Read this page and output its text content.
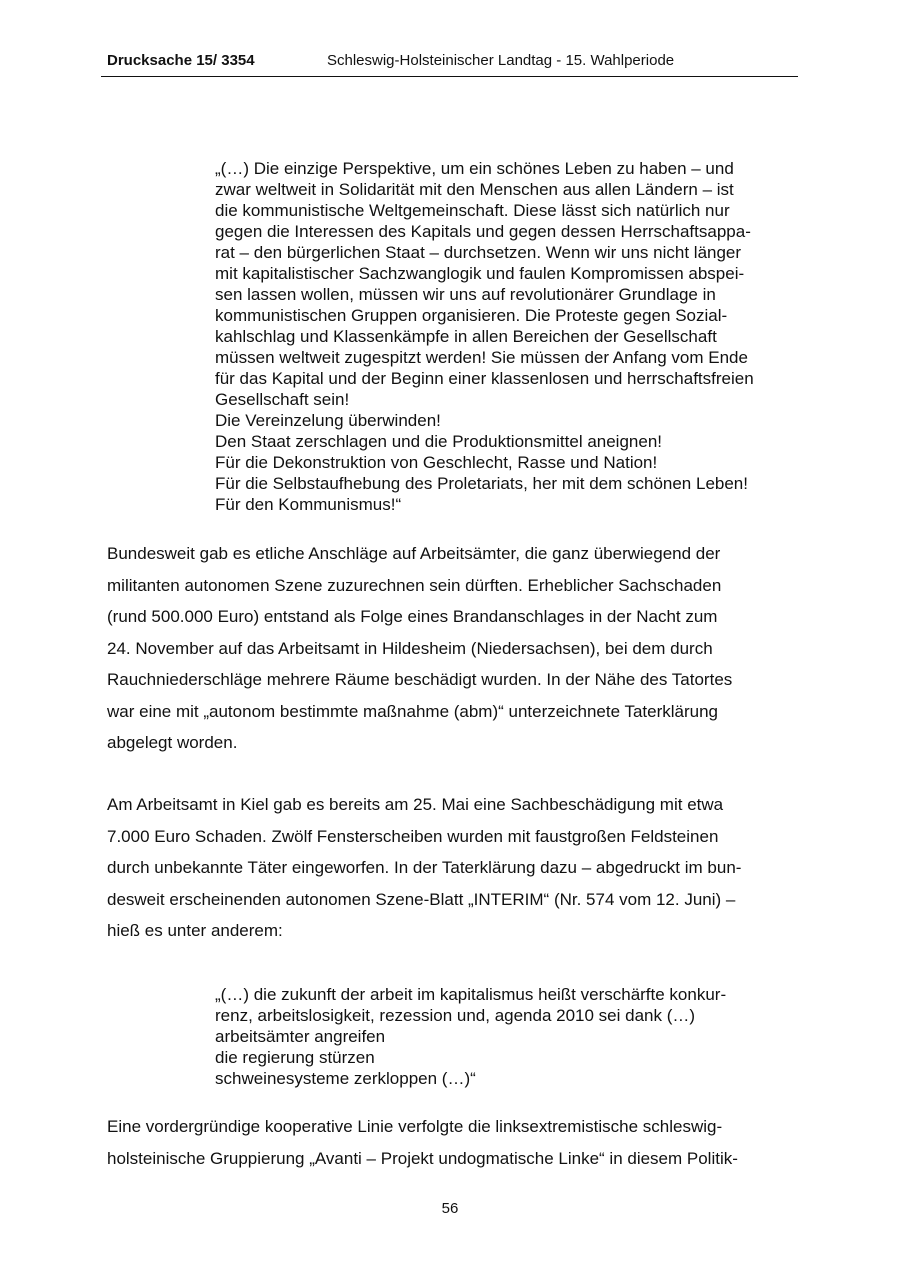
Drucksache 15/ 3354	Schleswig-Holsteinischer Landtag - 15. Wahlperiode
„(…) Die einzige Perspektive, um ein schönes Leben zu haben – und
zwar weltweit in Solidarität mit den Menschen aus allen Ländern – ist
die kommunistische Weltgemeinschaft. Diese lässt sich natürlich nur
gegen die Interessen des Kapitals und gegen dessen Herrschaftsappa-
rat – den bürgerlichen Staat – durchsetzen. Wenn wir uns nicht länger
mit kapitalistischer Sachzwanglogik und faulen Kompromissen abspei-
sen lassen wollen, müssen wir uns auf revolutionärer Grundlage in
kommunistischen Gruppen organisieren. Die Proteste gegen Sozial-
kahlschlag und Klassenkämpfe in allen Bereichen der Gesellschaft
müssen weltweit zugespitzt werden! Sie müssen der Anfang vom Ende
für das Kapital und der Beginn einer klassenlosen und herrschaftsfreien
Gesellschaft sein!
Die Vereinzelung überwinden!
Den Staat zerschlagen und die Produktionsmittel aneignen!
Für die Dekonstruktion von Geschlecht, Rasse und Nation!
Für die Selbstaufhebung des Proletariats, her mit dem schönen Leben!
Für den Kommunismus!“
Bundesweit gab es etliche Anschläge auf Arbeitsämter, die ganz überwiegend der
militanten autonomen Szene zuzurechnen sein dürften. Erheblicher Sachschaden
(rund 500.000 Euro) entstand als Folge eines Brandanschlages in der Nacht zum
24. November auf das Arbeitsamt in Hildesheim (Niedersachsen), bei dem durch
Rauchniederschläge mehrere Räume beschädigt wurden. In der Nähe des Tatortes
war eine mit „autonom bestimmte maßnahme (abm)“ unterzeichnete Taterklärung
abgelegt worden.
Am Arbeitsamt in Kiel gab es bereits am 25. Mai eine Sachbeschädigung mit etwa
7.000 Euro Schaden. Zwölf Fensterscheiben wurden mit faustgroßen Feldsteinen
durch unbekannte Täter eingeworfen. In der Taterklärung dazu – abgedruckt im bun-
desweit erscheinenden autonomen Szene-Blatt „INTERIM“ (Nr. 574 vom 12. Juni) –
hieß es unter anderem:
„(…) die zukunft der arbeit im kapitalismus heißt verschärfte konkur-
renz, arbeitslosigkeit, rezession und, agenda 2010 sei dank (…)
arbeitsämter angreifen
die regierung stürzen
schweinesysteme zerkloppen (…)“
Eine vordergründige kooperative Linie verfolgte die linksextremistische schleswig-
holsteinische Gruppierung „Avanti – Projekt undogmatische Linke“ in diesem Politik-
56
